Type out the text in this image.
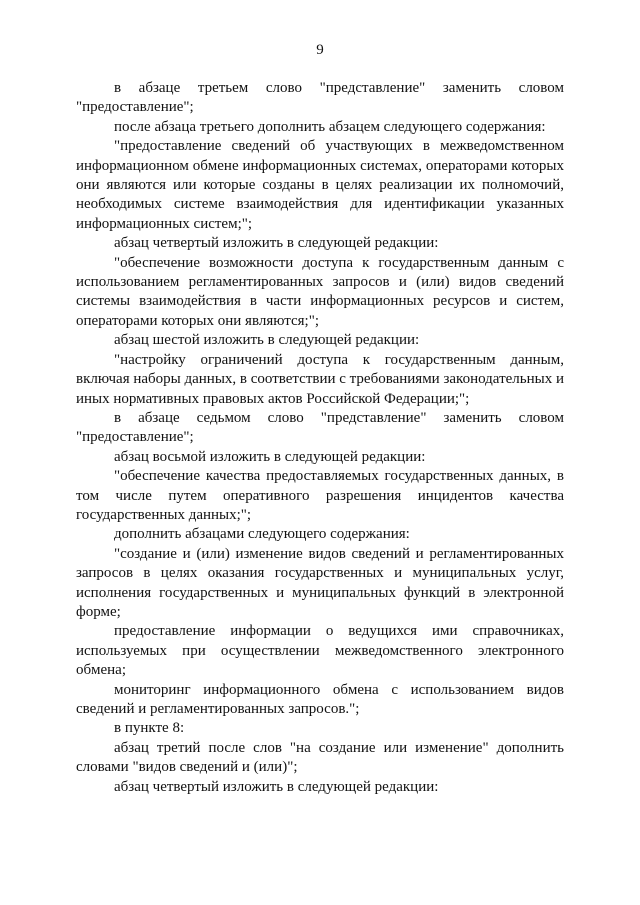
9

в абзаце третьем слово "представление" заменить словом "предоставление";

после абзаца третьего дополнить абзацем следующего содержания:

"предоставление сведений об участвующих в межведомственном информационном обмене информационных системах, операторами которых они являются или которые созданы в целях реализации их полномочий, необходимых системе взаимодействия для идентификации указанных информационных систем;";

абзац четвертый изложить в следующей редакции:

"обеспечение возможности доступа к государственным данным с использованием регламентированных запросов и (или) видов сведений системы взаимодействия в части информационных ресурсов и систем, операторами которых они являются;";

абзац шестой изложить в следующей редакции:

"настройку ограничений доступа к государственным данным, включая наборы данных, в соответствии с требованиями законодательных и иных нормативных правовых актов Российской Федерации;";

в абзаце седьмом слово "представление" заменить словом "предоставление";

абзац восьмой изложить в следующей редакции:

"обеспечение качества предоставляемых государственных данных, в том числе путем оперативного разрешения инцидентов качества государственных данных;";

дополнить абзацами следующего содержания:

"создание и (или) изменение видов сведений и регламентированных запросов в целях оказания государственных и муниципальных услуг, исполнения государственных и муниципальных функций в электронной форме;

предоставление информации о ведущихся ими справочниках, используемых при осуществлении межведомственного электронного обмена;

мониторинг информационного обмена с использованием видов сведений и регламентированных запросов.";

в пункте 8:

абзац третий после слов "на создание или изменение" дополнить словами "видов сведений и (или)";

абзац четвертый изложить в следующей редакции:
